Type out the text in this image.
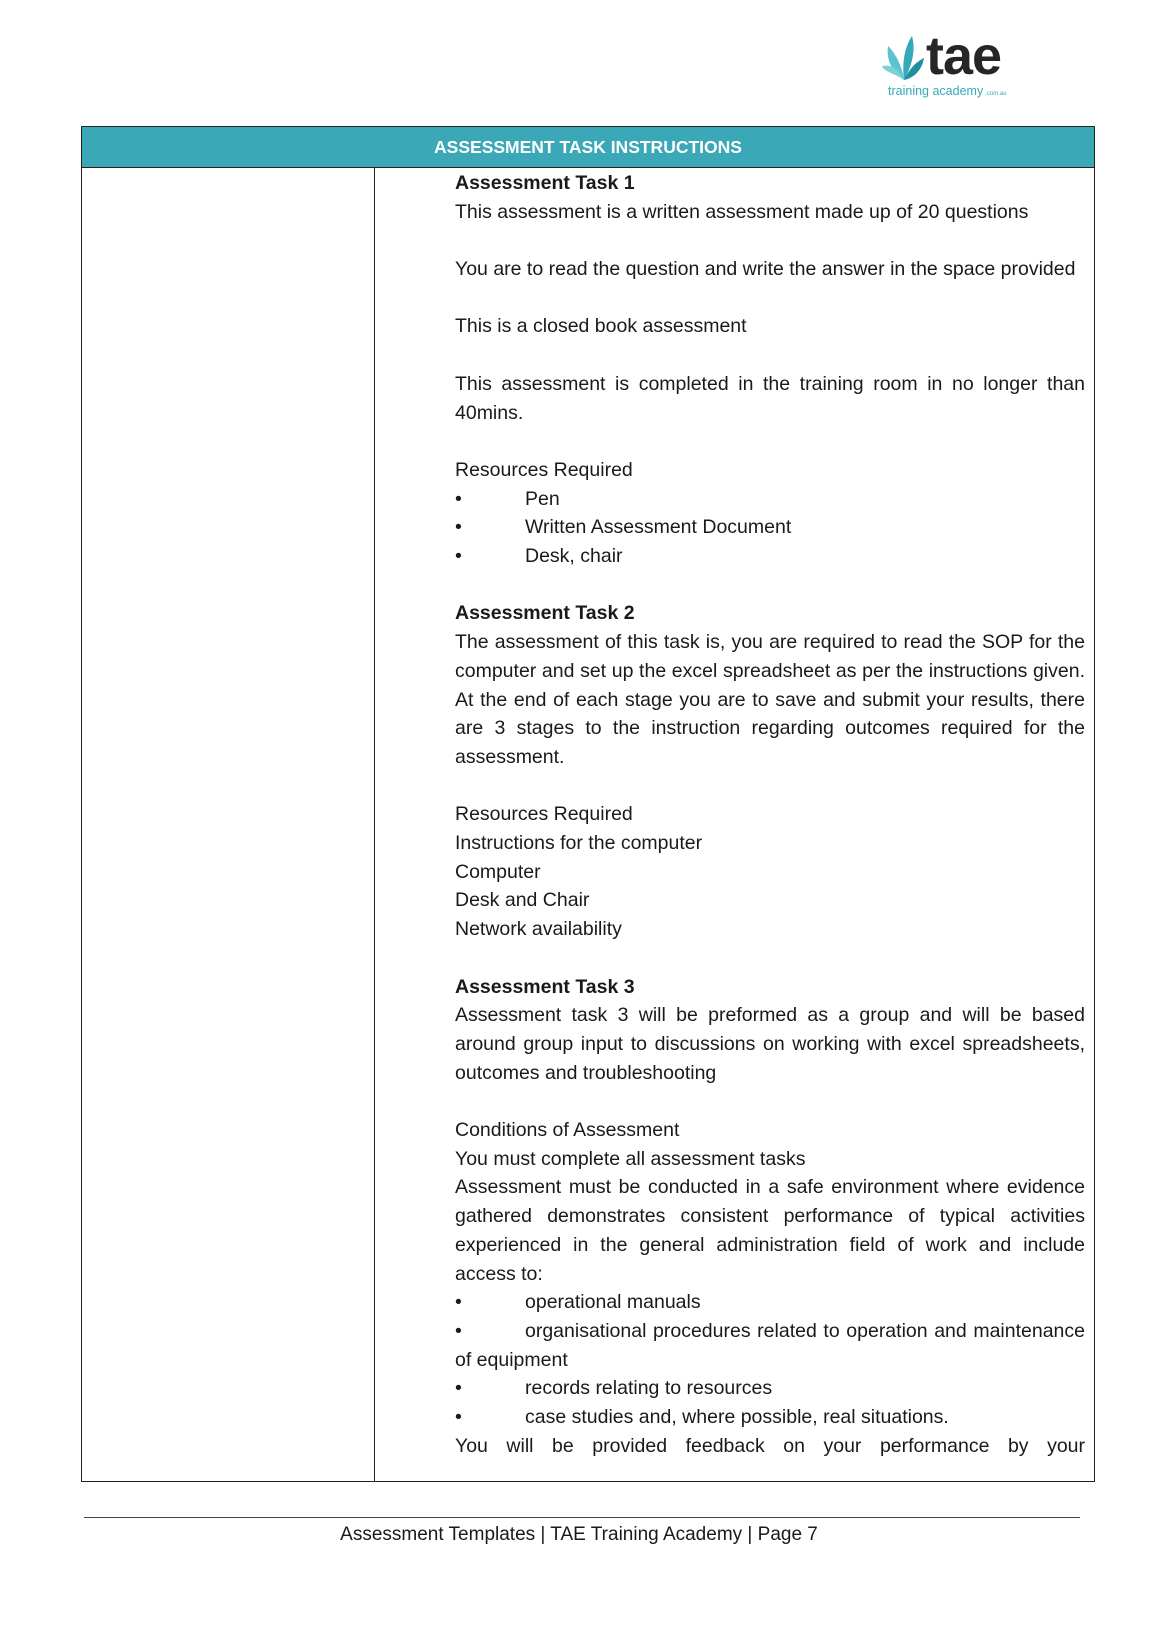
tae
training academy .com.au
ASSESSMENT TASK INSTRUCTIONS

Assessment Task 1

This assessment is a written assessment made up of 20 questions

You are to read the question and write the answer in the space provided

This is a closed book assessment

This assessment is completed in the training room in no longer than 40mins.

Resources Required

•	Pen
•	Written Assessment Document
•	Desk, chair

Assessment Task 2

The assessment of this task is, you are required to read the SOP for the computer and set up the excel spreadsheet as per the instructions given. At the end of each stage you are to save and submit your results, there are 3 stages to the instruction regarding outcomes required for the assessment.

Resources Required

Instructions for the computer

Computer

Desk and Chair

Network availability

Assessment Task 3

Assessment task 3 will be preformed as a group and will be based around group input to discussions on working with excel spreadsheets, outcomes and troubleshooting

Conditions of Assessment

You must complete all assessment tasks

Assessment must be conducted in a safe environment where evidence gathered demonstrates consistent performance of typical activities experienced in the general administration field of work and include access to:

•	operational manuals
•	organisational procedures related to operation and maintenance of equipment
•	records relating to resources
•	case studies and, where possible, real situations.

You will be provided feedback on your performance by your

Assessment Templates | TAE Training Academy | Page 7
